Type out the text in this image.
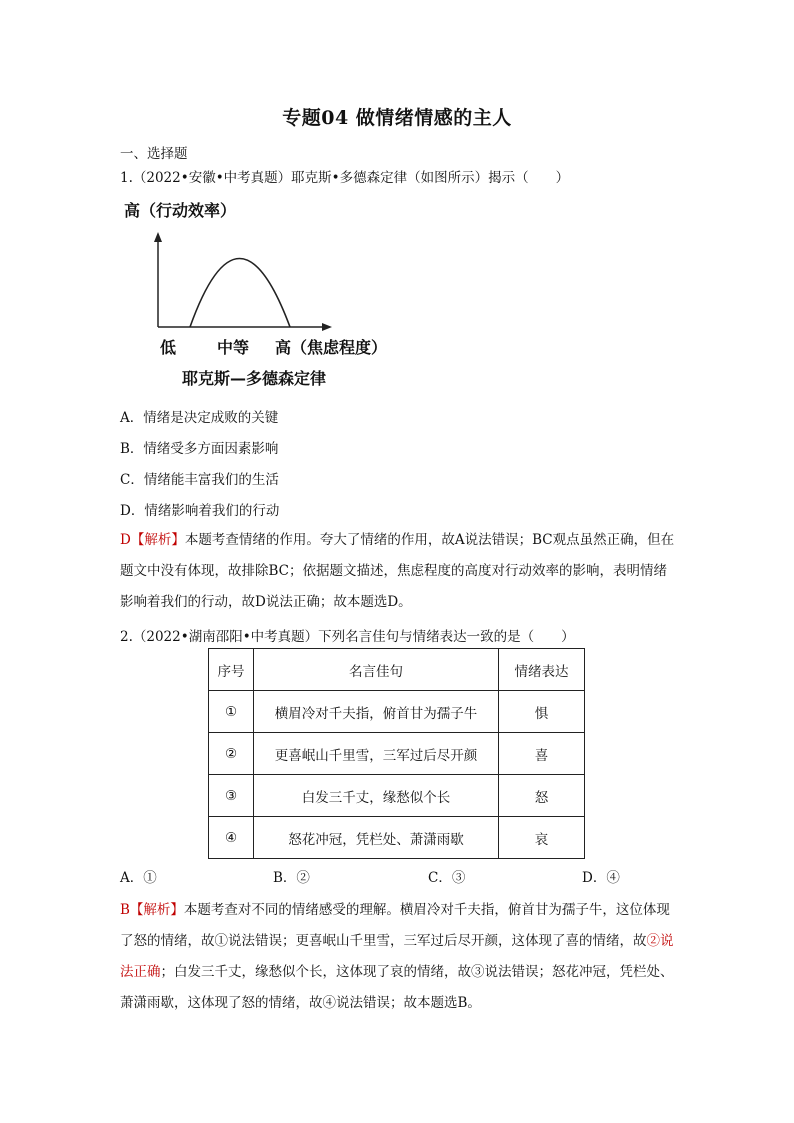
专题04 做情绪情感的主人
一、选择题
1.（2022•安徽•中考真题）耶克斯•多德森定律（如图所示）揭示（　　）
高（行动效率）
低	中等 高（焦虑程度）
耶克斯—多德森定律
A．情绪是决定成败的关键
B．情绪受多方面因素影响
C．情绪能丰富我们的生活
D．情绪影响着我们的行动
D【解析】本题考查情绪的作用。夸大了情绪的作用，故A说法错误；BC观点虽然正确，但在题文中没有体现，故排除BC；依据题文描述，焦虑程度的高度对行动效率的影响，表明情绪影响着我们的行动，故D说法正确；故本题选D。
2.（2022•湖南邵阳•中考真题）下列名言佳句与情绪表达一致的是（　　）
序号	名言佳句	情绪表达
①	横眉冷对千夫指，俯首甘为孺子牛	惧
②	更喜岷山千里雪，三军过后尽开颜	喜
③	白发三千丈，缘愁似个长	怒
④	怒花冲冠，凭栏处、萧潇雨歇	哀
A．①	B．②	C．③	D．④
B【解析】本题考查对不同的情绪感受的理解。横眉冷对千夫指，俯首甘为孺子牛，这位体现了怒的情绪，故①说法错误；更喜岷山千里雪，三军过后尽开颜，这体现了喜的情绪，故②说法正确；白发三千丈，缘愁似个长，这体现了哀的情绪，故③说法错误；怒花冲冠，凭栏处、萧潇雨歇，这体现了怒的情绪，故④说法错误；故本题选B。
